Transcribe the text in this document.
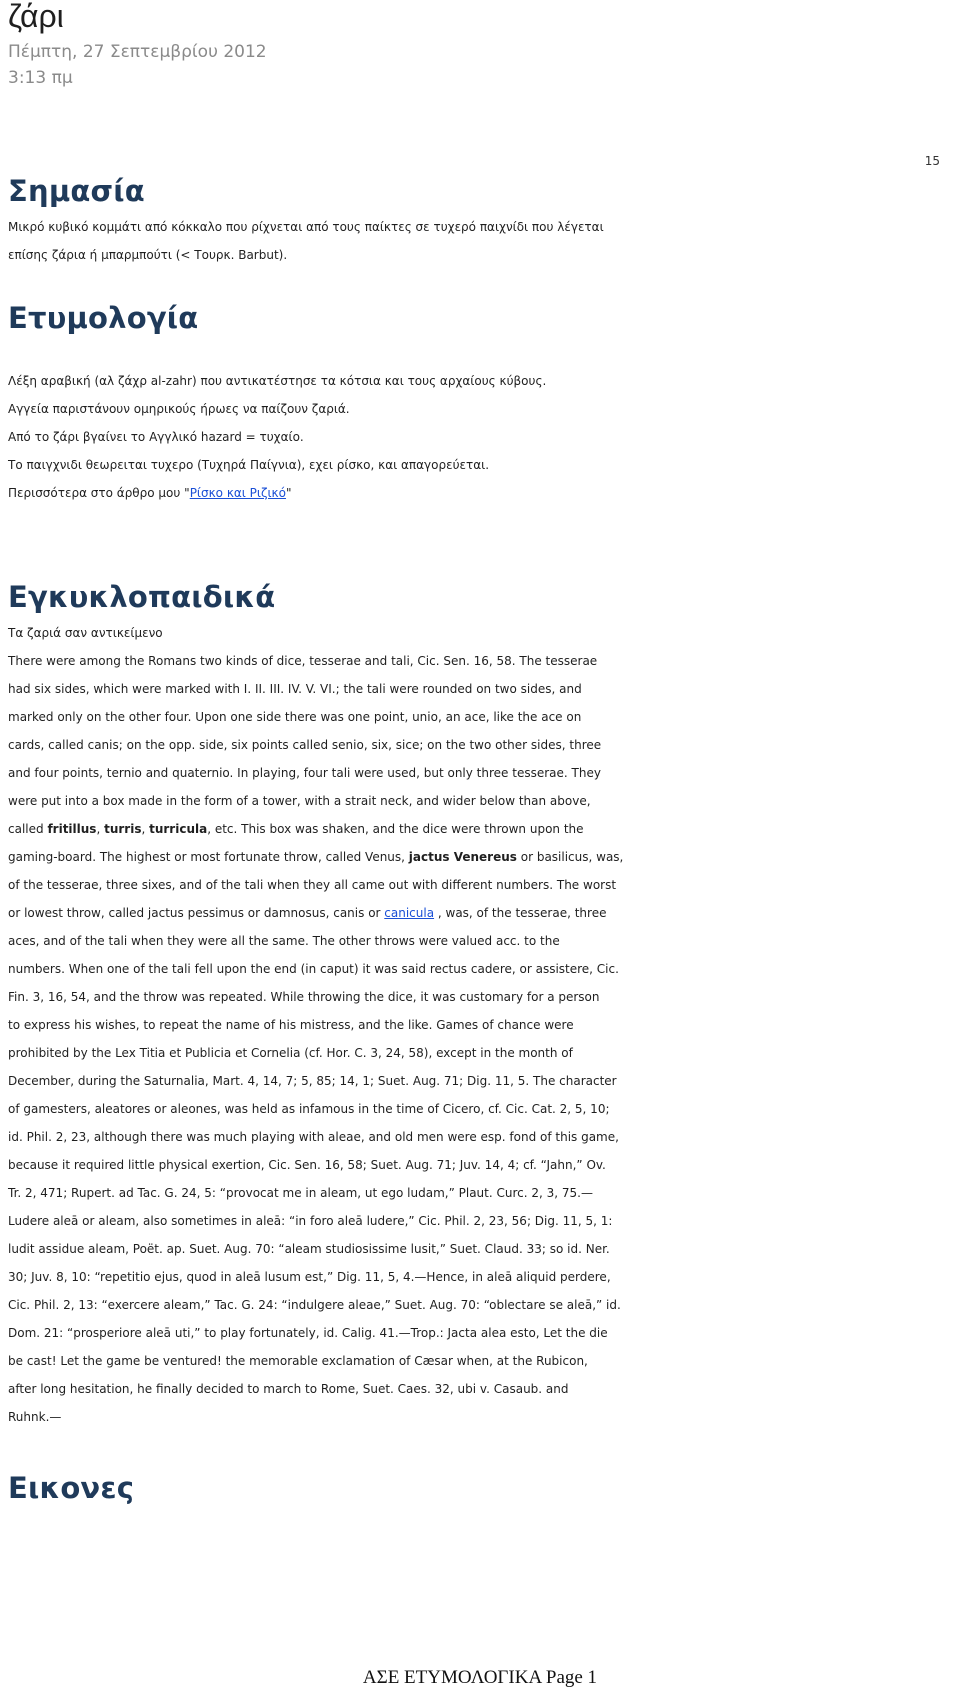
ζάρι
Πέμπτη, 27 Σεπτεμβρίου 2012
3:13 πμ
15
Σημασία
Μικρό κυβικό κομμάτι από κόκκαλο που ρίχνεται από τους παίκτες σε τυχερό παιχνίδι που λέγεται
επίσης ζάρια ή μπαρμπούτι (< Τουρκ. Barbut).
Ετυμολογία
Λέξη αραβική (αλ ζάχρ al-zahr) που αντικατέστησε τα κότσια και τους αρχαίους κύβους.
Αγγεία παριστάνουν ομηρικούς ήρωες να παίζουν ζαριά.
Από το ζάρι βγαίνει το Αγγλικό hazard = τυχαίο.
Το παιγχνιδι θεωρειται τυχερο (Τυχηρά Παίγνια), εχει ρίσκο, και απαγορεύεται.
Περισσότερα στο άρθρο μου "Ρίσκο και Ριζικό"
Εγκυκλοπαιδικά
Τα ζαριά σαν αντικείμενο
There were among the Romans two kinds of dice, tesserae and tali, Cic. Sen. 16, 58. The tesserae
had six sides, which were marked with I. II. III. IV. V. VI.; the tali were rounded on two sides, and
marked only on the other four. Upon one side there was one point, unio, an ace, like the ace on
cards, called canis; on the opp. side, six points called senio, six, sice; on the two other sides, three
and four points, ternio and quaternio. In playing, four tali were used, but only three tesserae. They
were put into a box made in the form of a tower, with a strait neck, and wider below than above,
called fritillus, turris, turricula, etc. This box was shaken, and the dice were thrown upon the
gaming-board. The highest or most fortunate throw, called Venus, jactus Venereus or basilicus, was,
of the tesserae, three sixes, and of the tali when they all came out with different numbers. The worst
or lowest throw, called jactus pessimus or damnosus, canis or canicula , was, of the tesserae, three
aces, and of the tali when they were all the same. The other throws were valued acc. to the
numbers. When one of the tali fell upon the end (in caput) it was said rectus cadere, or assistere, Cic.
Fin. 3, 16, 54, and the throw was repeated. While throwing the dice, it was customary for a person
to express his wishes, to repeat the name of his mistress, and the like. Games of chance were
prohibited by the Lex Titia et Publicia et Cornelia (cf. Hor. C. 3, 24, 58), except in the month of
December, during the Saturnalia, Mart. 4, 14, 7; 5, 85; 14, 1; Suet. Aug. 71; Dig. 11, 5. The character
of gamesters, aleatores or aleones, was held as infamous in the time of Cicero, cf. Cic. Cat. 2, 5, 10;
id. Phil. 2, 23, although there was much playing with aleae, and old men were esp. fond of this game,
because it required little physical exertion, Cic. Sen. 16, 58; Suet. Aug. 71; Juv. 14, 4; cf. “Jahn,” Ov.
Tr. 2, 471; Rupert. ad Tac. G. 24, 5: “provocat me in aleam, ut ego ludam,” Plaut. Curc. 2, 3, 75.—
Ludere aleā or aleam, also sometimes in aleā: “in foro aleā ludere,” Cic. Phil. 2, 23, 56; Dig. 11, 5, 1:
ludit assidue aleam, Poët. ap. Suet. Aug. 70: “aleam studiosissime lusit,” Suet. Claud. 33; so id. Ner.
30; Juv. 8, 10: “repetitio ejus, quod in aleā lusum est,” Dig. 11, 5, 4.—Hence, in aleā aliquid perdere,
Cic. Phil. 2, 13: “exercere aleam,” Tac. G. 24: “indulgere aleae,” Suet. Aug. 70: “oblectare se aleā,” id.
Dom. 21: “prosperiore aleā uti,” to play fortunately, id. Calig. 41.—Trop.: Jacta alea esto, Let the die
be cast! Let the game be ventured! the memorable exclamation of Cæsar when, at the Rubicon,
after long hesitation, he finally decided to march to Rome, Suet. Caes. 32, ubi v. Casaub. and
Ruhnk.—
Εικονες
ΑΣΕ ΕΤΥΜΟΛΟΓΙΚΑ Page 1
